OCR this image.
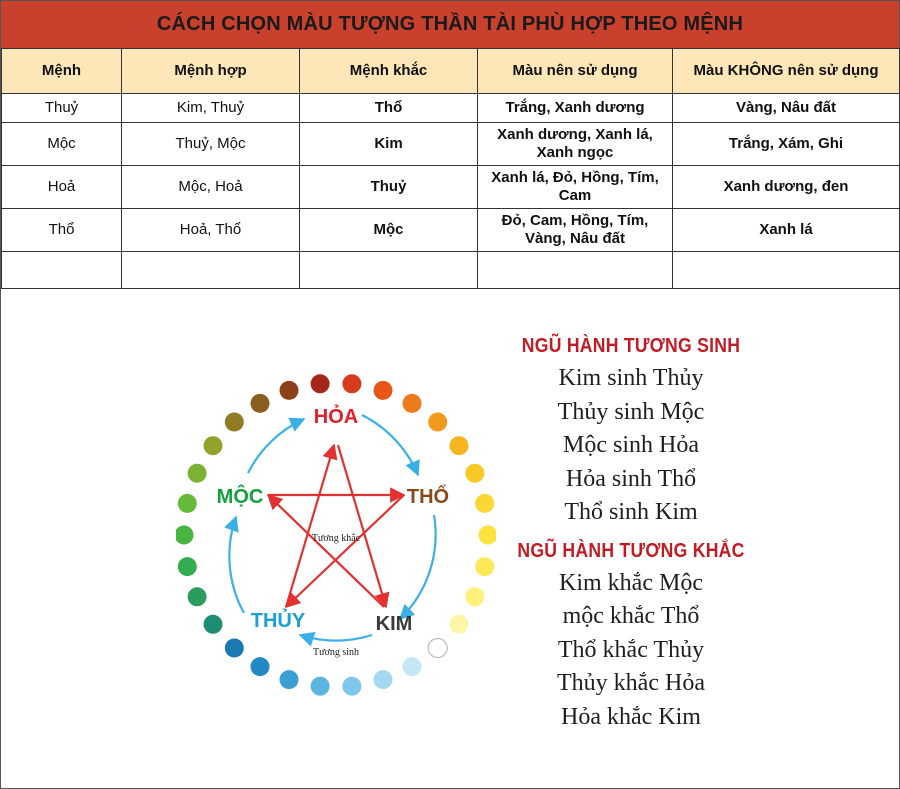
CÁCH CHỌN MÀU TƯỢNG THẦN TÀI PHÙ HỢP THEO MỆNH
Mệnh	Mệnh hợp	Mệnh khắc	Màu nên sử dụng	Màu KHÔNG nên sử dụng
Thuỷ	Kim, Thuỷ	Thổ	Trắng, Xanh dương	Vàng, Nâu đất
Mộc	Thuỷ, Mộc	Kim	Xanh dương, Xanh lá, Xanh ngọc	Trắng, Xám, Ghi
Hoả	Mộc, Hoả	Thuỷ	Xanh lá, Đỏ, Hồng, Tím, Cam	Xanh dương, đen
Thổ	Hoả, Thổ	Mộc	Đỏ, Cam, Hồng, Tím, Vàng, Nâu đất	Xanh lá

HỎA
THỔ
KIM
THỦY
MỘC
Tương khắc
Tương sinh
NGŨ HÀNH TƯƠNG SINH
Kim sinh Thủy
Thủy sinh Mộc
Mộc sinh Hỏa
Hỏa sinh Thổ
Thổ sinh Kim
NGŨ HÀNH TƯƠNG KHẮC
Kim khắc Mộc
mộc khắc Thổ
Thổ khắc Thủy
Thủy khắc Hỏa
Hỏa khắc Kim
